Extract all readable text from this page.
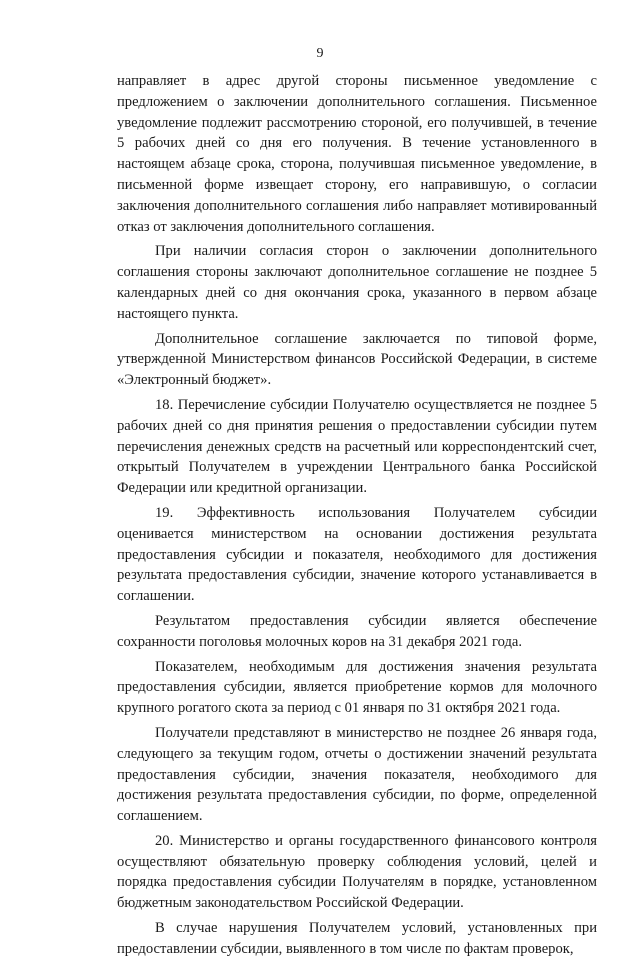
9

направляет в адрес другой стороны письменное уведомление с предложением о заключении дополнительного соглашения. Письменное уведомление подлежит рассмотрению стороной, его получившей, в течение 5 рабочих дней со дня его получения. В течение установленного в настоящем абзаце срока, сторона, получившая письменное уведомление, в письменной форме извещает сторону, его направившую, о согласии заключения дополнительного соглашения либо направляет мотивированный отказ от заключения дополнительного соглашения.

При наличии согласия сторон о заключении дополнительного соглашения стороны заключают дополнительное соглашение не позднее 5 календарных дней со дня окончания срока, указанного в первом абзаце настоящего пункта.

Дополнительное соглашение заключается по типовой форме, утвержденной Министерством финансов Российской Федерации, в системе «Электронный бюджет».

18. Перечисление субсидии Получателю осуществляется не позднее 5 рабочих дней со дня принятия решения о предоставлении субсидии путем перечисления денежных средств на расчетный или корреспондентский счет, открытый Получателем в учреждении Центрального банка Российской Федерации или кредитной организации.

19. Эффективность использования Получателем субсидии оценивается министерством на основании достижения результата предоставления субсидии и показателя, необходимого для достижения результата предоставления субсидии, значение которого устанавливается в соглашении.

Результатом предоставления субсидии является обеспечение сохранности поголовья молочных коров на 31 декабря 2021 года.

Показателем, необходимым для достижения значения результата предоставления субсидии, является приобретение кормов для молочного крупного рогатого скота за период с 01 января по 31 октября 2021 года.

Получатели представляют в министерство не позднее 26 января года, следующего за текущим годом, отчеты о достижении значений результата предоставления субсидии, значения показателя, необходимого для достижения результата предоставления субсидии, по форме, определенной соглашением.

20. Министерство и органы государственного финансового контроля осуществляют обязательную проверку соблюдения условий, целей и порядка предоставления субсидии Получателям в порядке, установленном бюджетным законодательством Российской Федерации.

В случае нарушения Получателем условий, установленных при предоставлении субсидии, выявленного в том числе по фактам проверок,
